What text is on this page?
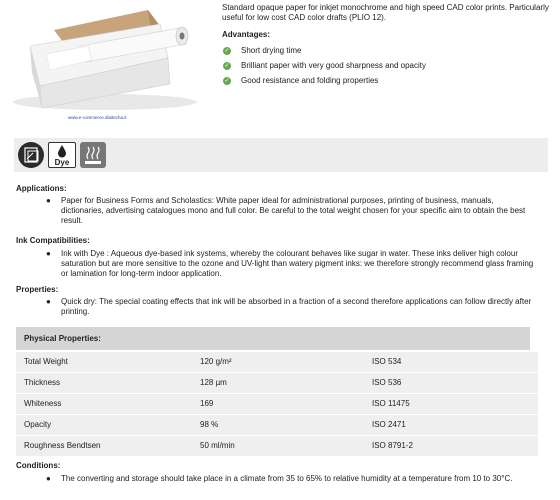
www.e-commerce.dlaitecha.it
Standard opaque paper for inkjet monochrome and high speed CAD color prints. Particularly useful for low cost CAD color drafts (PLIO 12).
Advantages:
✓ Short drying time
✓ Brilliant paper with very good sharpness and opacity
✓ Good resistance and folding properties
Dye
Applications:
●	Paper for Business Forms and Scholastics: White paper ideal for administrational purposes, printing of business, manuals, dictionaries, advertising catalogues mono and full color. Be careful to the total weight chosen for your specific aim to obtain the best result.
Ink Compatibilities:
●	Ink with Dye : Aqueous dye-based ink systems, whereby the colourant behaves like sugar in water. These inks deliver high colour saturation but are more sensitive to the ozone and UV-light than watery pigment inks: we therefore strongly recommend glass framing or lamination for long-term indoor application.
Properties:
●	Quick dry: The special coating effects that ink will be absorbed in a fraction of a second therefore applications can follow directly after printing.
Physical Properties:
Total Weight	120 g/m²	ISO 534
Thickness	128 µm	ISO 536
Whiteness	169	ISO 11475
Opacity	98 %	ISO 2471
Roughness Bendtsen	50 ml/min	ISO 8791-2
Conditions:
●	The converting and storage should take place in a climate from 35 to 65% to relative humidity at a temperature from 10 to 30°C.
